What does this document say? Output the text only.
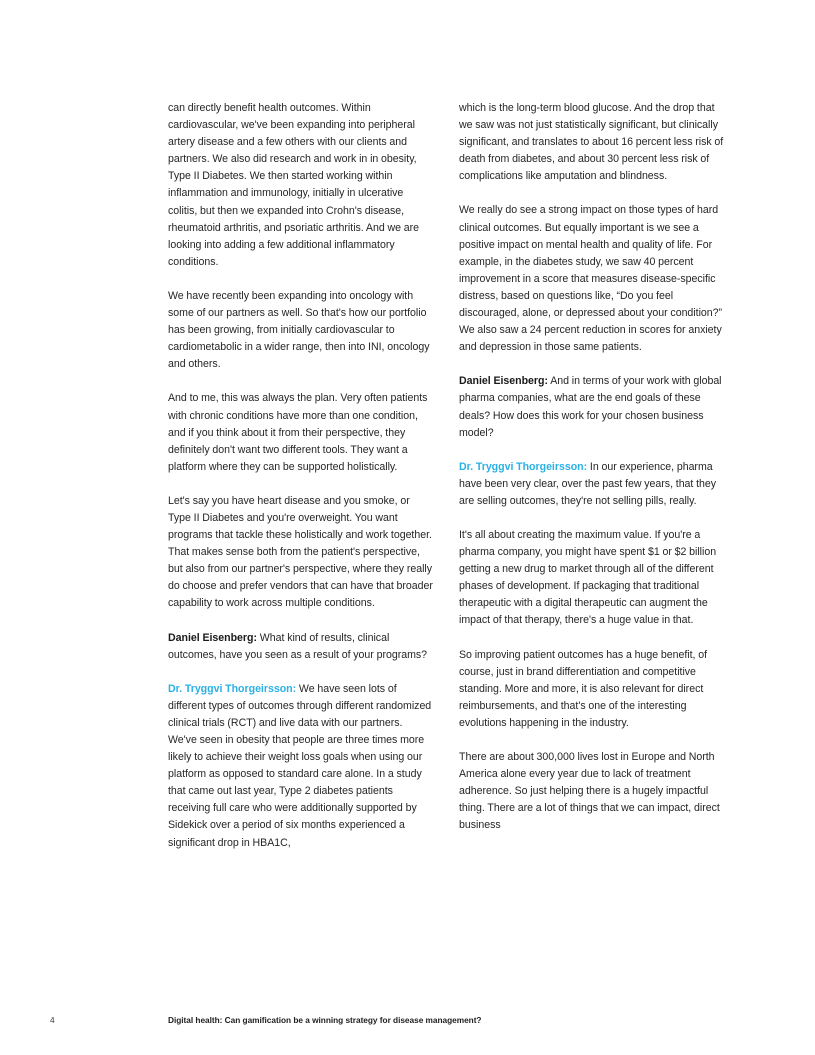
can directly benefit health outcomes. Within cardiovascular, we've been expanding into peripheral artery disease and a few others with our clients and partners. We also did research and work in in obesity, Type II Diabetes. We then started working within inflammation and immunology, initially in ulcerative colitis, but then we expanded into Crohn's disease, rheumatoid arthritis, and psoriatic arthritis. And we are looking into adding a few additional inflammatory conditions.

We have recently been expanding into oncology with some of our partners as well. So that's how our portfolio has been growing, from initially cardiovascular to cardiometabolic in a wider range, then into INI, oncology and others.

And to me, this was always the plan. Very often patients with chronic conditions have more than one condition, and if you think about it from their perspective, they definitely don't want two different tools. They want a platform where they can be supported holistically.

Let's say you have heart disease and you smoke, or Type II Diabetes and you're overweight. You want programs that tackle these holistically and work together. That makes sense both from the patient's perspective, but also from our partner's perspective, where they really do choose and prefer vendors that can have that broader capability to work across multiple conditions.

Daniel Eisenberg: What kind of results, clinical outcomes, have you seen as a result of your programs?

Dr. Tryggvi Thorgeirsson: We have seen lots of different types of outcomes through different randomized clinical trials (RCT) and live data with our partners. We've seen in obesity that people are three times more likely to achieve their weight loss goals when using our platform as opposed to standard care alone. In a study that came out last year, Type 2 diabetes patients receiving full care who were additionally supported by Sidekick over a period of six months experienced a significant drop in HBA1C,

which is the long-term blood glucose. And the drop that we saw was not just statistically significant, but clinically significant, and translates to about 16 percent less risk of death from diabetes, and about 30 percent less risk of complications like amputation and blindness.

We really do see a strong impact on those types of hard clinical outcomes. But equally important is we see a positive impact on mental health and quality of life. For example, in the diabetes study, we saw 40 percent improvement in a score that measures disease-specific distress, based on questions like, “Do you feel discouraged, alone, or depressed about your condition?” We also saw a 24 percent reduction in scores for anxiety and depression in those same patients.

Daniel Eisenberg: And in terms of your work with global pharma companies, what are the end goals of these deals? How does this work for your chosen business model?

Dr. Tryggvi Thorgeirsson: In our experience, pharma have been very clear, over the past few years, that they are selling outcomes, they're not selling pills, really.

It's all about creating the maximum value. If you're a pharma company, you might have spent $1 or $2 billion getting a new drug to market through all of the different phases of development. If packaging that traditional therapeutic with a digital therapeutic can augment the impact of that therapy, there's a huge value in that.

So improving patient outcomes has a huge benefit, of course, just in brand differentiation and competitive standing. More and more, it is also relevant for direct reimbursements, and that's one of the interesting evolutions happening in the industry.

There are about 300,000 lives lost in Europe and North America alone every year due to lack of treatment adherence. So just helping there is a hugely impactful thing. There are a lot of things that we can impact, direct business

4	Digital health: Can gamification be a winning strategy for disease management?
